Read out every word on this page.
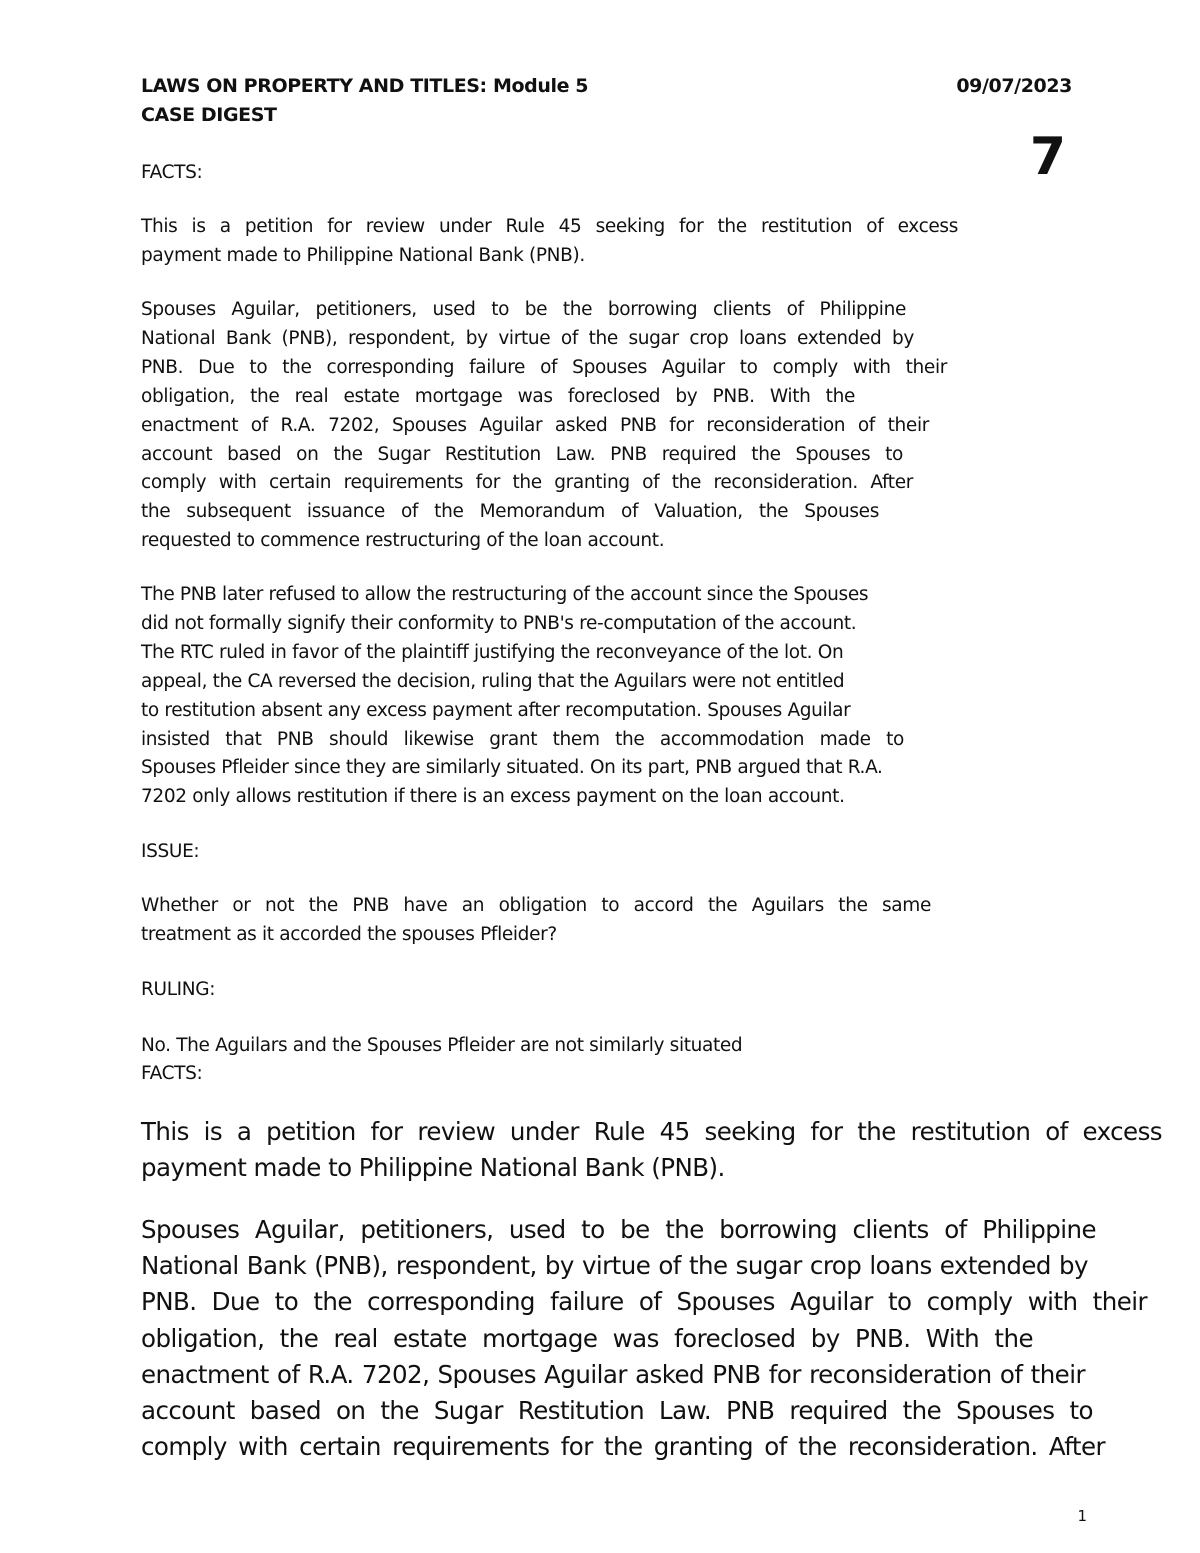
LAWS ON PROPERTY AND TITLES: Module 5
CASE DIGEST
09/07/2023
7
FACTS:
This is a petition for review under Rule 45 seeking for the restitution of excess
payment made to Philippine National Bank (PNB).
Spouses Aguilar, petitioners, used to be the borrowing clients of Philippine
National Bank (PNB), respondent, by virtue of the sugar crop loans extended by
PNB. Due to the corresponding failure of Spouses Aguilar to comply with their
obligation, the real estate mortgage was foreclosed by PNB. With the
enactment of R.A. 7202, Spouses Aguilar asked PNB for reconsideration of their
account based on the Sugar Restitution Law. PNB required the Spouses to
comply with certain requirements for the granting of the reconsideration. After
the subsequent issuance of the Memorandum of Valuation, the Spouses
requested to commence restructuring of the loan account.
The PNB later refused to allow the restructuring of the account since the Spouses
did not formally signify their conformity to PNB's re-computation of the account.
The RTC ruled in favor of the plaintiff justifying the reconveyance of the lot. On
appeal, the CA reversed the decision, ruling that the Aguilars were not entitled
to restitution absent any excess payment after recomputation. Spouses Aguilar
insisted that PNB should likewise grant them the accommodation made to
Spouses Pfleider since they are similarly situated. On its part, PNB argued that R.A.
7202 only allows restitution if there is an excess payment on the loan account.
ISSUE:
Whether or not the PNB have an obligation to accord the Aguilars the same
treatment as it accorded the spouses Pfleider?
RULING:
No. The Aguilars and the Spouses Pfleider are not similarly situated
FACTS:
This is a petition for review under Rule 45 seeking for the restitution of excess
payment made to Philippine National Bank (PNB).
Spouses Aguilar, petitioners, used to be the borrowing clients of Philippine
National Bank (PNB), respondent, by virtue of the sugar crop loans extended by
PNB. Due to the corresponding failure of Spouses Aguilar to comply with their
obligation, the real estate mortgage was foreclosed by PNB. With the
enactment of R.A. 7202, Spouses Aguilar asked PNB for reconsideration of their
account based on the Sugar Restitution Law. PNB required the Spouses to
comply with certain requirements for the granting of the reconsideration. After
1
